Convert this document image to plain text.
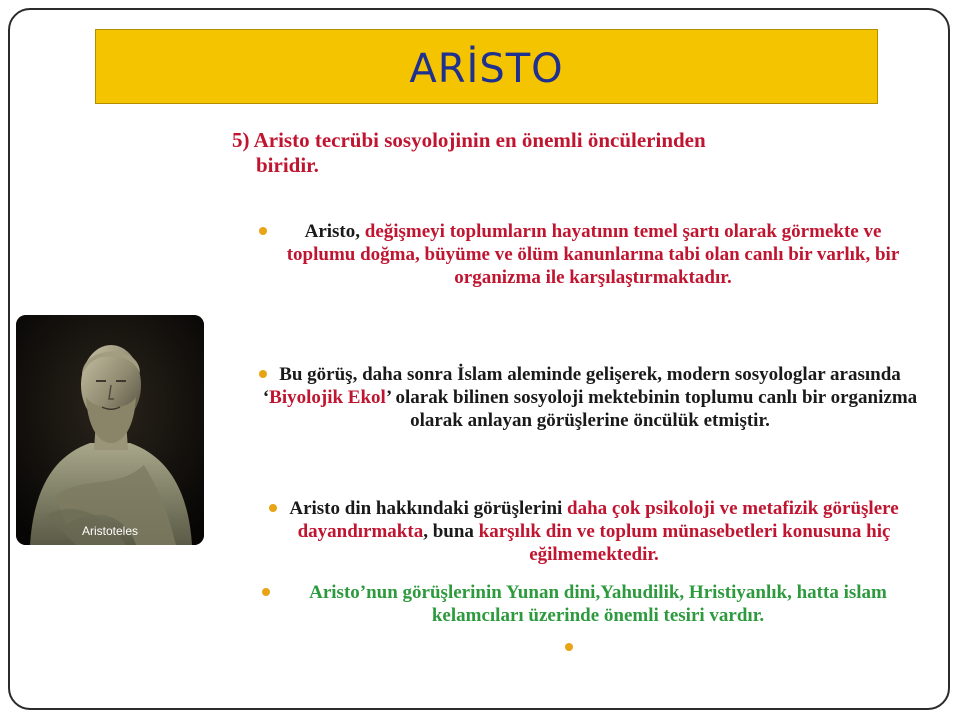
ARİSTO
5) Aristo tecrübi sosyolojinin en önemli öncülerinden
biridir.
Aristoteles
Aristo, değişmeyi toplumların hayatının temel şartı olarak görmekte ve toplumu doğma, büyüme ve ölüm kanunlarına tabi olan canlı bir varlık, bir organizma ile karşılaştırmaktadır.
Bu görüş, daha sonra İslam aleminde gelişerek, modern sosyologlar arasında ‘Biyolojik Ekol’ olarak bilinen sosyoloji mektebinin toplumu canlı bir organizma olarak anlayan görüşlerine öncülük etmiştir.
Aristo din hakkındaki görüşlerini daha çok psikoloji ve metafizik görüşlere dayandırmakta, buna karşılık din ve toplum münasebetleri konusuna hiç eğilmemektedir.
Aristo’nun görüşlerinin Yunan dini,Yahudilik, Hristiyanlık, hatta islam kelamcıları üzerinde önemli tesiri vardır.
